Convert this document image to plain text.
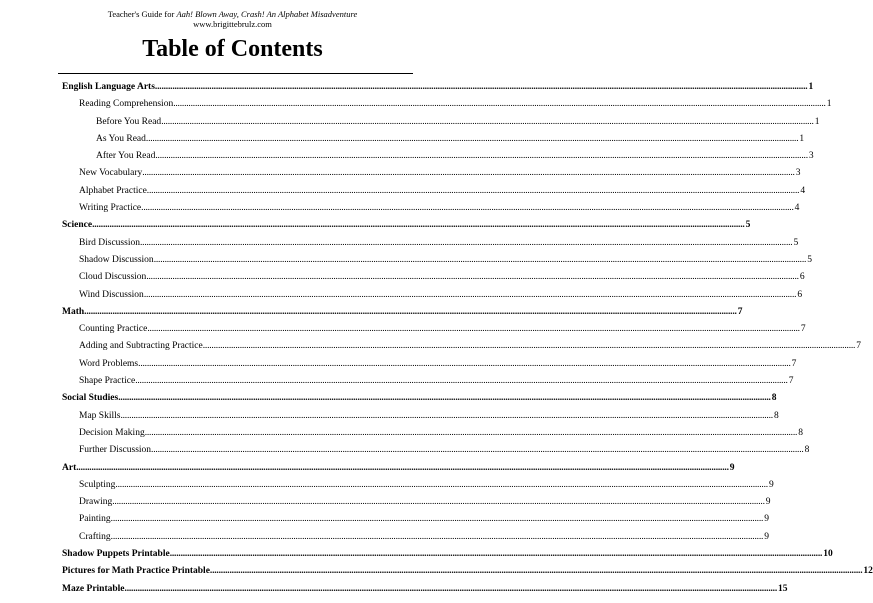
Teacher's Guide for Aah! Blown Away, Crash! An Alphabet Misadventure
www.brigittebrulz.com
Table of Contents
English Language Arts ............................................................................................................................................................................................................................................................................................................ 1
Reading Comprehension ............................................................................................................................................................................................................................................................................................................ 1
Before You Read ............................................................................................................................................................................................................................................................................................................ 1
As You Read ............................................................................................................................................................................................................................................................................................................ 1
After You Read ............................................................................................................................................................................................................................................................................................................ 3
New Vocabulary ............................................................................................................................................................................................................................................................................................................ 3
Alphabet Practice ............................................................................................................................................................................................................................................................................................................ 4
Writing Practice ............................................................................................................................................................................................................................................................................................................ 4
Science ............................................................................................................................................................................................................................................................................................................ 5
Bird Discussion ............................................................................................................................................................................................................................................................................................................ 5
Shadow Discussion ............................................................................................................................................................................................................................................................................................................ 5
Cloud Discussion ............................................................................................................................................................................................................................................................................................................ 6
Wind Discussion ............................................................................................................................................................................................................................................................................................................ 6
Math ............................................................................................................................................................................................................................................................................................................ 7
Counting Practice ............................................................................................................................................................................................................................................................................................................ 7
Adding and Subtracting Practice ............................................................................................................................................................................................................................................................................................................ 7
Word Problems ............................................................................................................................................................................................................................................................................................................ 7
Shape Practice ............................................................................................................................................................................................................................................................................................................ 7
Social Studies ............................................................................................................................................................................................................................................................................................................ 8
Map Skills ............................................................................................................................................................................................................................................................................................................ 8
Decision Making ............................................................................................................................................................................................................................................................................................................ 8
Further Discussion ............................................................................................................................................................................................................................................................................................................ 8
Art ............................................................................................................................................................................................................................................................................................................ 9
Sculpting ............................................................................................................................................................................................................................................................................................................ 9
Drawing ............................................................................................................................................................................................................................................................................................................ 9
Painting ............................................................................................................................................................................................................................................................................................................ 9
Crafting ............................................................................................................................................................................................................................................................................................................ 9
Shadow Puppets Printable ............................................................................................................................................................................................................................................................................................................ 10
Pictures for Math Practice Printable ............................................................................................................................................................................................................................................................................................................ 12
Maze Printable ............................................................................................................................................................................................................................................................................................................ 15
